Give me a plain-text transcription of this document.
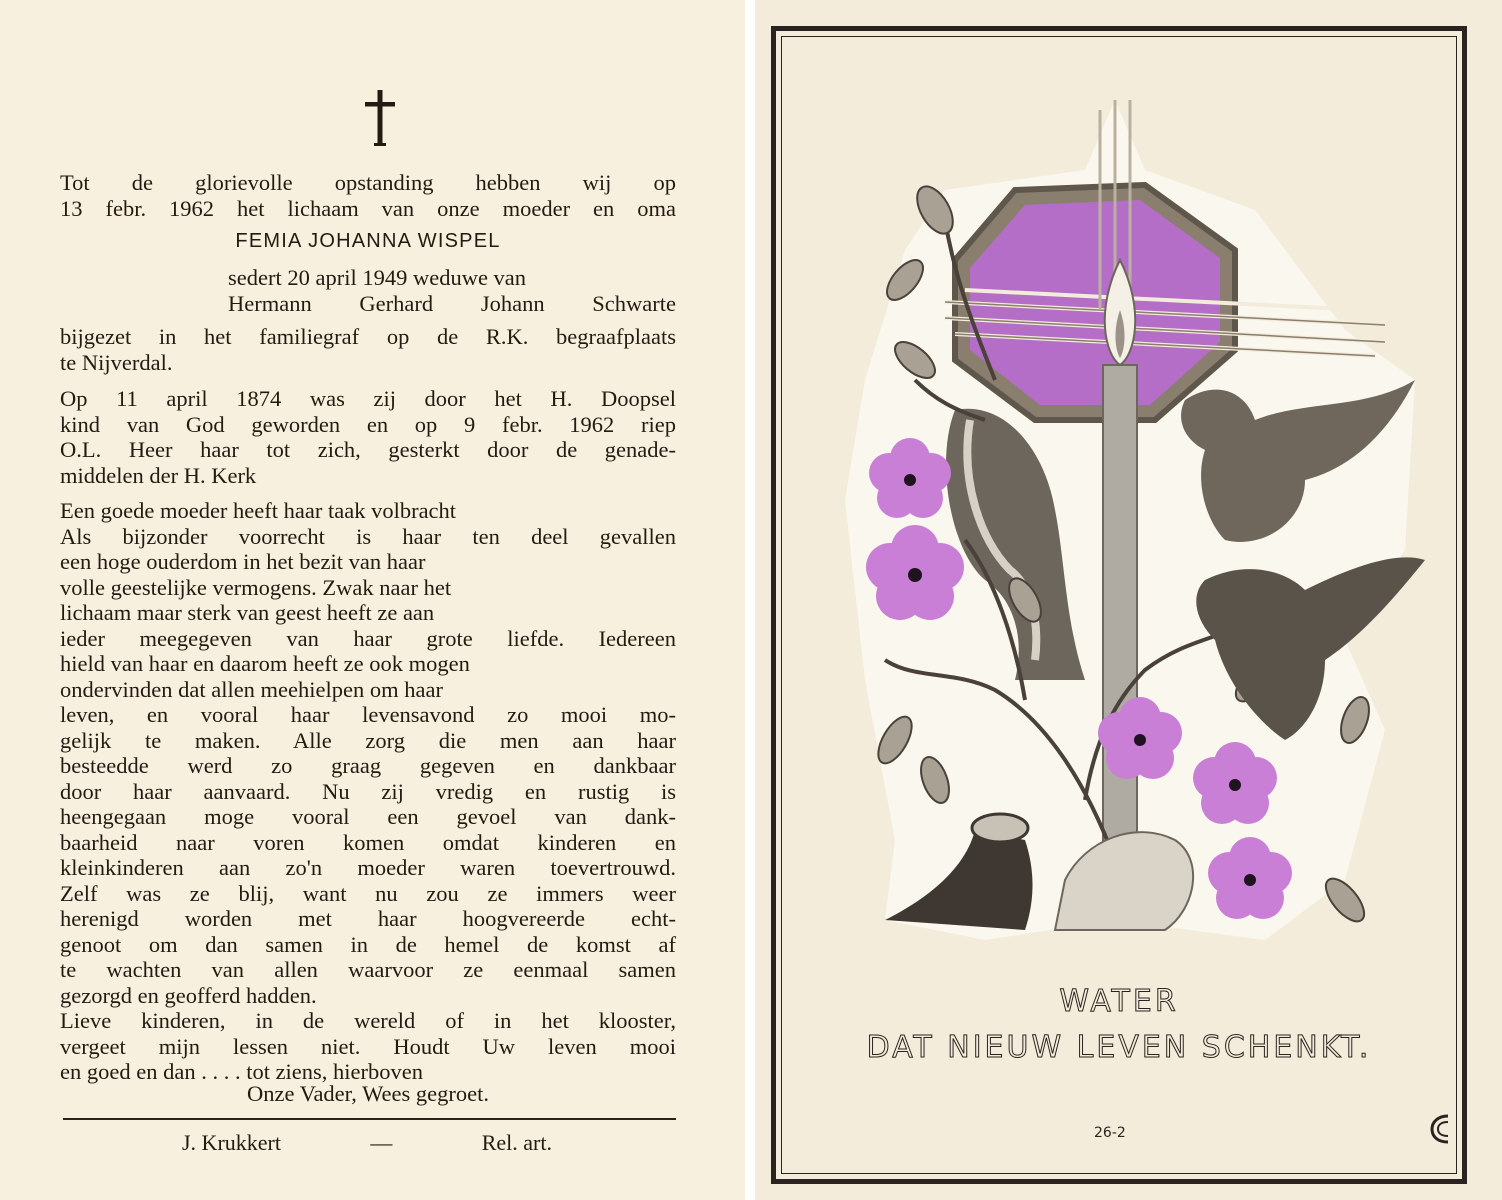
Tot de glorievolle opstanding hebben wij op

13 febr. 1962 het lichaam van onze moeder en oma

FEMIA JOHANNA WISPEL

sedert 20 april 1949 weduwe van

Hermann Gerhard Johann Schwarte

bijgezet in het familiegraf op de R.K. begraafplaats

te Nijverdal.

Op 11 april 1874 was zij door het H. Doopsel

kind van God geworden en op 9 febr. 1962 riep

O.L. Heer haar tot zich, gesterkt door de genade-

middelen der H. Kerk

Een goede moeder heeft haar taak volbracht

Als bijzonder voorrecht is haar ten deel gevallen

een hoge ouderdom in het bezit van haar

volle geestelijke vermogens. Zwak naar het

lichaam maar sterk van geest heeft ze aan

ieder meegegeven van haar grote liefde. Iedereen

hield van haar en daarom heeft ze ook mogen

ondervinden dat allen meehielpen om haar

leven, en vooral haar levensavond zo mooi mo-

gelijk te maken. Alle zorg die men aan haar

besteedde werd zo graag gegeven en dankbaar

door haar aanvaard. Nu zij vredig en rustig is

heengegaan moge vooral een gevoel van dank-

baarheid naar voren komen omdat kinderen en

kleinkinderen aan zo'n moeder waren toevertrouwd.

Zelf was ze blij, want nu zou ze immers weer

herenigd worden met haar hoogvereerde echt-

genoot om dan samen in de hemel de komst af

te wachten van allen waarvoor ze eenmaal samen

gezorgd en geofferd hadden.

Lieve kinderen, in de wereld of in het klooster,

vergeet mijn lessen niet. Houdt Uw leven mooi

en goed en dan . . . . tot ziens, hierboven

Onze Vader, Wees gegroet.
J. Krukkert	—	Rel. art.
WATER
DAT NIEUW LEVEN SCHENKT.
26-2
